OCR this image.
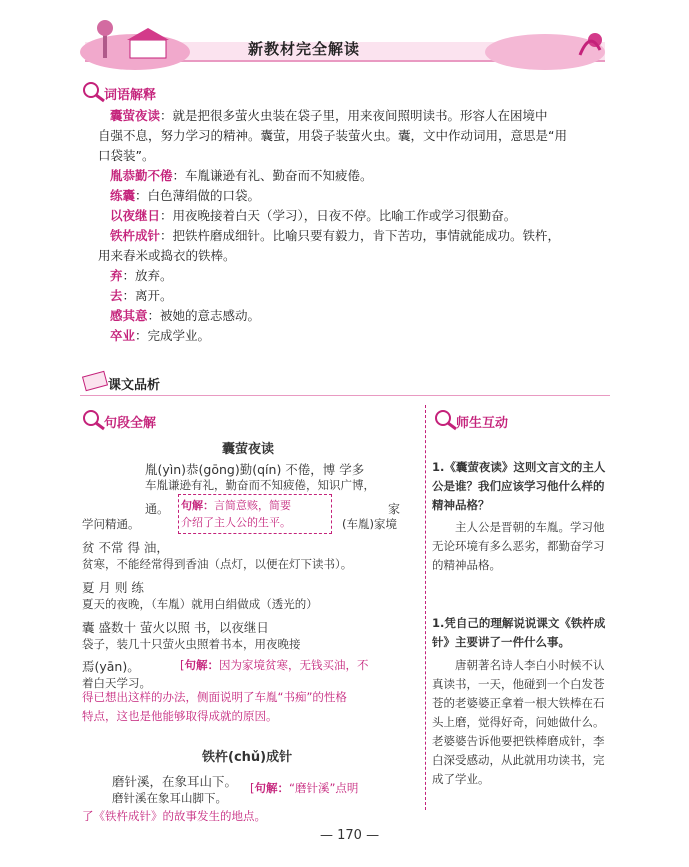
新教材完全解读
词语解释
囊萤夜读：就是把很多萤火虫装在袋子里，用来夜间照明读书。形容人在困境中
自强不息，努力学习的精神。囊萤，用袋子装萤火虫。囊，文中作动词用，意思是“用
口袋装”。
胤恭勤不倦：车胤谦逊有礼、勤奋而不知疲倦。
练囊：白色薄绢做的口袋。
以夜继日：用夜晚接着白天（学习），日夜不停。比喻工作或学习很勤奋。
铁杵成针：把铁杵磨成细针。比喻只要有毅力，肯下苦功，事情就能成功。铁杵，
用来舂米或捣衣的铁棒。
弃：放弃。
去：离开。
感其意：被她的意志感动。
卒业：完成学业。
课文品析
句段全解
囊萤夜读
胤(yìn)恭(gōng)勤(qín) 不倦，博 学多
车胤谦逊有礼，勤奋而不知疲倦，知识广博，
通。
学问精通。
句解：言简意赅，简要
介绍了主人公的生平。
家
(车胤)家境
贫 不常 得 油，
贫寒，不能经常得到香油（点灯，以便在灯下读书）。
夏 月 则 练
夏天的夜晚，（车胤）就用白绢做成（透光的）
囊 盛数十 萤火以照 书，以夜继日
袋子，装几十只萤火虫照着书本，用夜晚接
焉(yān)。
着白天学习。
[句解：因为家境贫寒，无钱买油，不
得已想出这样的办法，侧面说明了车胤“书痴”的性格
特点，这也是他能够取得成就的原因。
铁杵(chǔ)成针
磨针溪，在象耳山下。
磨针溪在象耳山脚下。
[句解：“磨针溪”点明
了《铁杵成针》的故事发生的地点。
师生互动
1.《囊萤夜读》这则文言文的主人公是谁？我们应该学习他什么样的精神品格？
主人公是晋朝的车胤。学习他无论环境有多么恶劣，都勤奋学习的精神品格。
1.凭自己的理解说说课文《铁杵成针》主要讲了一件什么事。
唐朝著名诗人李白小时候不认真读书，一天，他碰到一个白发苍苍的老婆婆正拿着一根大铁棒在石头上磨，觉得好奇，问她做什么。老婆婆告诉他要把铁棒磨成针，李白深受感动，从此就用功读书，完成了学业。
— 170 —
